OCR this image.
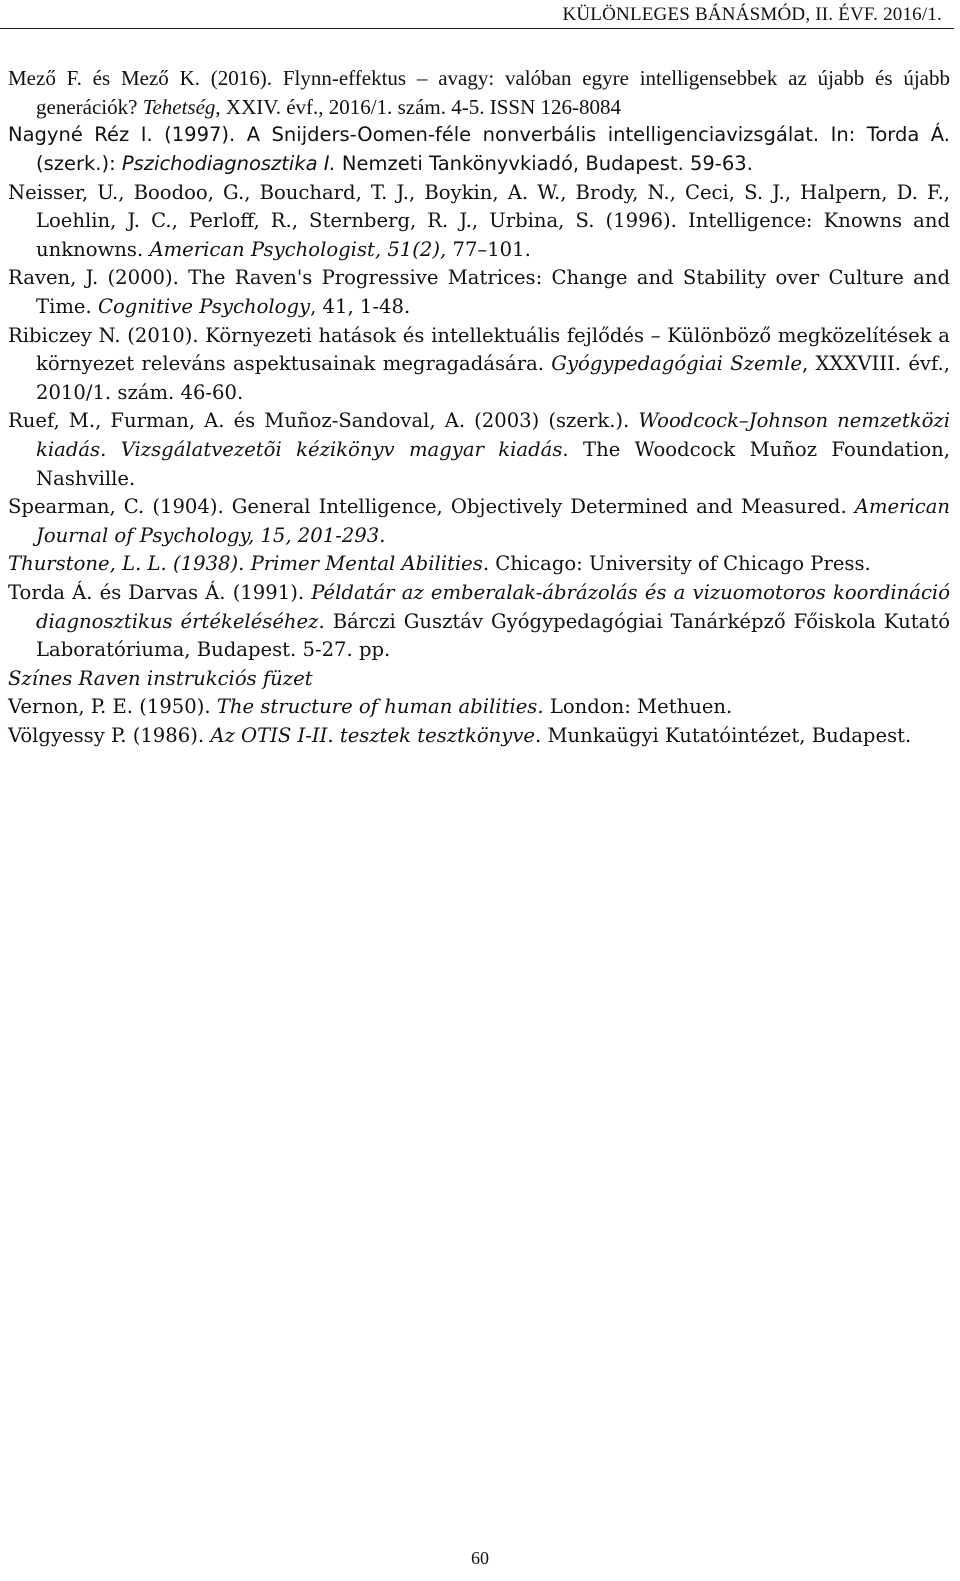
KÜLÖNLEGES BÁNÁSMÓD, II. ÉVF. 2016/1.

Mező F. és Mező K. (2016). Flynn-effektus – avagy: valóban egyre intelligensebbek az újabb és újabb generációk? Tehetség, XXIV. évf., 2016/1. szám. 4-5. ISSN 126-8084

Nagyné Réz I. (1997). A Snijders-Oomen-féle nonverbális intelligenciavizsgálat. In: Torda Á. (szerk.): Pszichodiagnosztika I. Nemzeti Tankönyvkiadó, Budapest. 59-63.

Neisser, U., Boodoo, G., Bouchard, T. J., Boykin, A. W., Brody, N., Ceci, S. J., Halpern, D. F., Loehlin, J. C., Perloff, R., Sternberg, R. J., Urbina, S. (1996). Intelligence: Knowns and unknowns. American Psychologist, 51(2), 77–101.

Raven, J. (2000). The Raven's Progressive Matrices: Change and Stability over Culture and Time. Cognitive Psychology, 41, 1-48.

Ribiczey N. (2010). Környezeti hatások és intellektuális fejlődés – Különböző megközelítések a környezet releváns aspektusainak megragadására. Gyógypedagógiai Szemle, XXXVIII. évf., 2010/1. szám. 46-60.

Ruef, M., Furman, A. és Muñoz-Sandoval, A. (2003) (szerk.). Woodcock–Johnson nemzetközi kiadás. Vizsgálatvezetõi kézikönyv magyar kiadás. The Woodcock Muñoz Foundation, Nashville.

Spearman, C. (1904). General Intelligence, Objectively Determined and Measured. American Journal of Psychology, 15, 201-293.

Thurstone, L. L. (1938). Primer Mental Abilities. Chicago: University of Chicago Press.

Torda Á. és Darvas Á. (1991). Példatár az emberalak-ábrázolás és a vizuomotoros koordináció diagnosztikus értékeléséhez. Bárczi Gusztáv Gyógypedagógiai Tanárképző Főiskola Kutató Laboratóriuma, Budapest. 5-27. pp.

Színes Raven instrukciós füzet

Vernon, P. E. (1950). The structure of human abilities. London: Methuen.

Völgyessy P. (1986). Az OTIS I-II. tesztek tesztkönyve. Munkaügyi Kutatóintézet, Budapest.

60
